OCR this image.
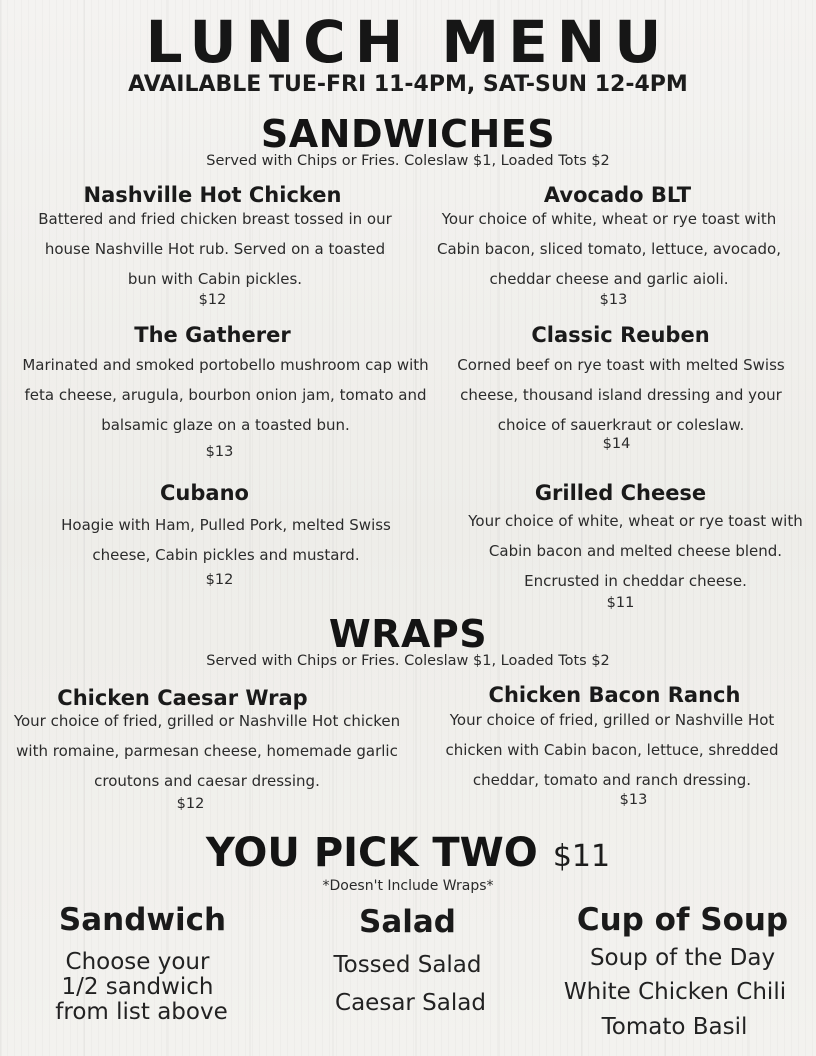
LUNCH MENU
AVAILABLE TUE-FRI 11-4PM, SAT-SUN 12-4PM
SANDWICHES
Served with Chips or Fries. Coleslaw $1, Loaded Tots $2
Nashville Hot Chicken
Battered and fried chicken breast tossed in our house Nashville Hot rub. Served on a toasted bun with Cabin pickles.
$12
Avocado BLT
Your choice of white, wheat or rye toast with Cabin bacon, sliced tomato, lettuce, avocado, cheddar cheese and garlic aioli.
$13
The Gatherer
Marinated and smoked portobello mushroom cap with feta cheese, arugula, bourbon onion jam, tomato and balsamic glaze on a toasted bun.
$13
Classic Reuben
Corned beef on rye toast with melted Swiss cheese, thousand island dressing and your choice of sauerkraut or coleslaw.
$14
Cubano
Hoagie with Ham, Pulled Pork, melted Swiss cheese, Cabin pickles and mustard.
$12
Grilled Cheese
Your choice of white, wheat or rye toast with Cabin bacon and melted cheese blend. Encrusted in cheddar cheese.
$11
WRAPS
Served with Chips or Fries. Coleslaw $1, Loaded Tots $2
Chicken Caesar Wrap
Your choice of fried, grilled or Nashville Hot chicken with romaine, parmesan cheese, homemade garlic croutons and caesar dressing.
$12
Chicken Bacon Ranch
Your choice of fried, grilled or Nashville Hot chicken with Cabin bacon, lettuce, shredded cheddar, tomato and ranch dressing.
$13
YOU PICK TWO $11
*Doesn't Include Wraps*
Sandwich
Choose your
1/2 sandwich
from list above
Salad
Tossed Salad
Caesar Salad
Cup of Soup
Soup of the Day
White Chicken Chili
Tomato Basil
